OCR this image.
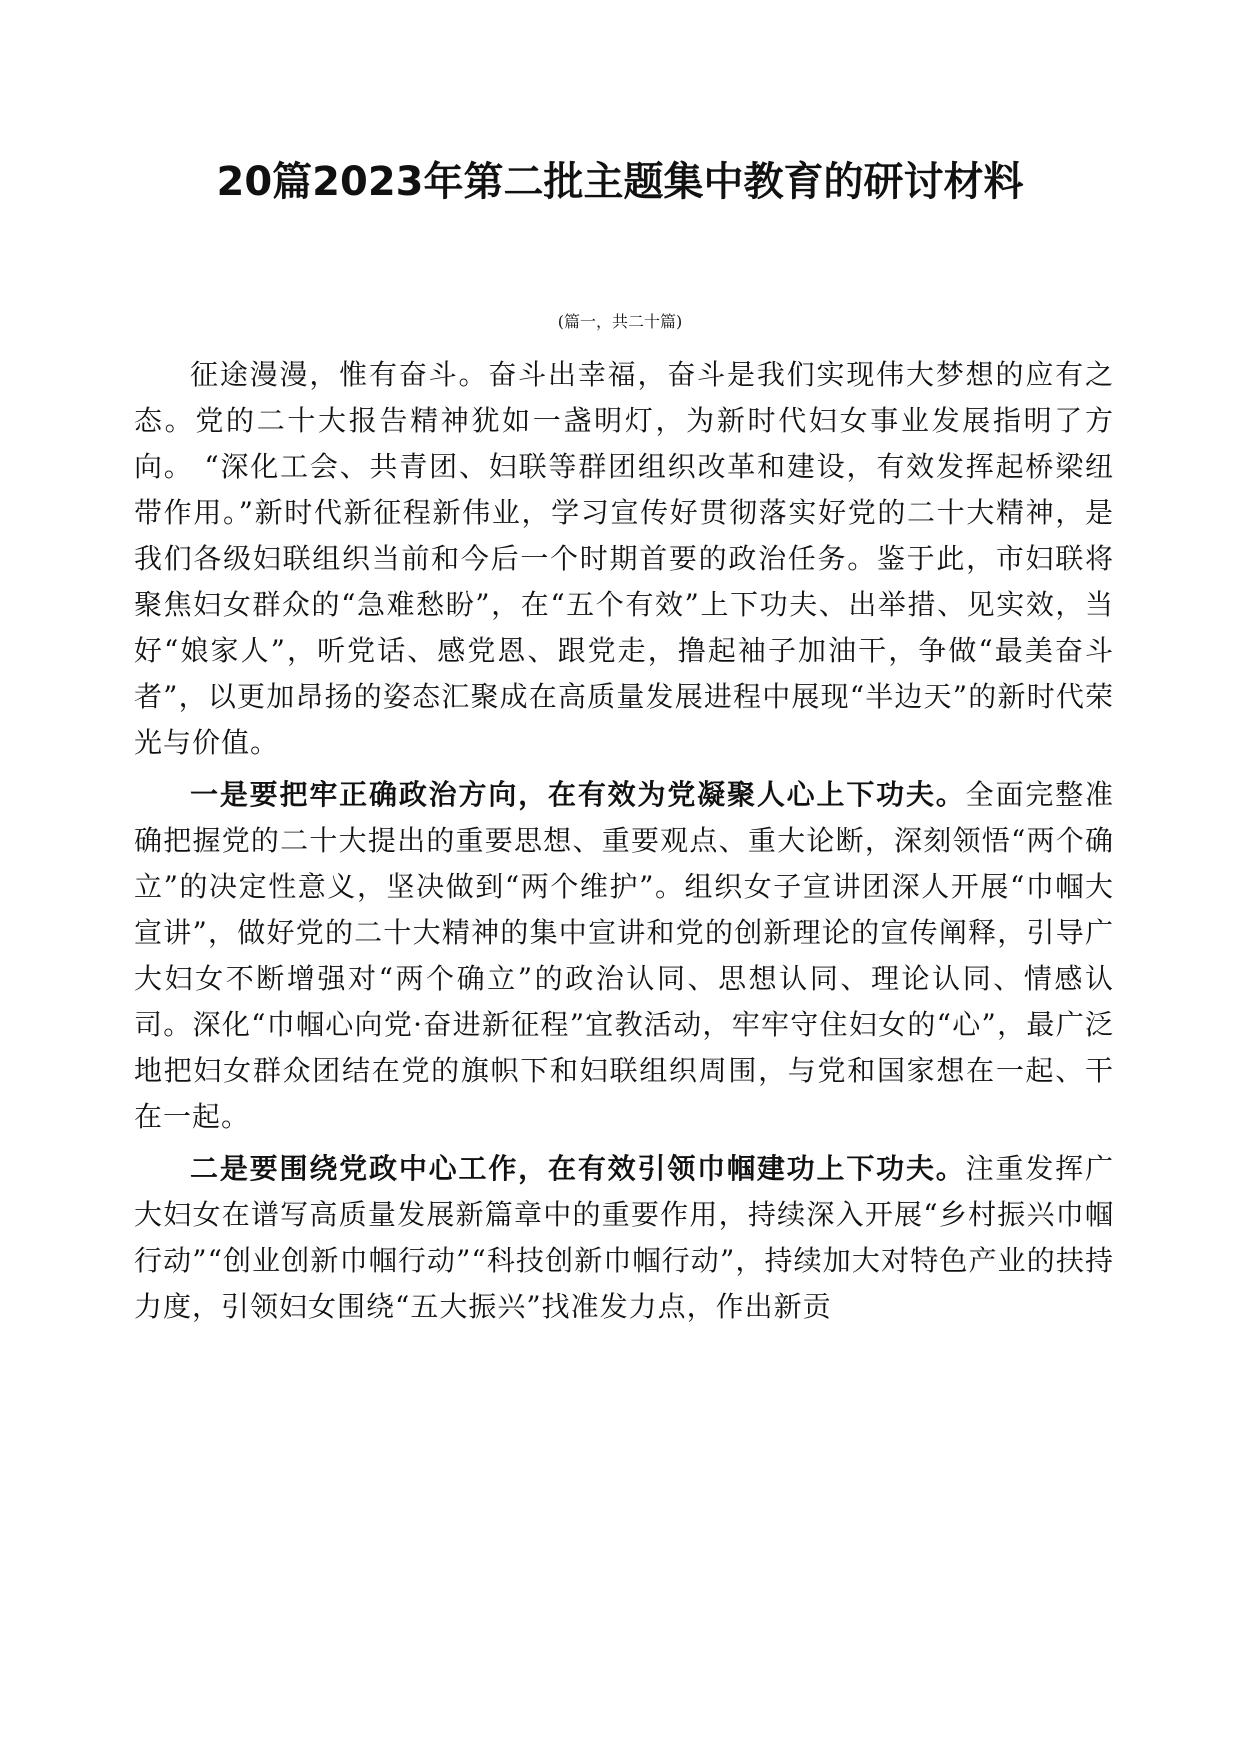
20篇2023年第二批主题集中教育的研讨材料
(篇一，共二十篇)

征途漫漫，惟有奋斗。奋斗出幸福，奋斗是我们实现伟大梦想的应有之态。党的二十大报告精神犹如一盏明灯，为新时代妇女事业发展指明了方向。 “深化工会、共青团、妇联等群团组织改革和建设，有效发挥起桥梁纽带作用。”新时代新征程新伟业，学习宣传好贯彻落实好党的二十大精神，是我们各级妇联组织当前和今后一个时期首要的政治任务。鉴于此，市妇联将聚焦妇女群众的“急难愁盼”，在“五个有效”上下功夫、出举措、见实效，当好“娘家人”，听党话、感党恩、跟党走，撸起袖子加油干，争做“最美奋斗者”，以更加昂扬的姿态汇聚成在高质量发展进程中展现“半边天”的新时代荣光与价值。

一是要把牢正确政治方向，在有效为党凝聚人心上下功夫。全面完整准确把握党的二十大提出的重要思想、重要观点、重大论断，深刻领悟“两个确立”的决定性意义，坚决做到“两个维护”。组织女子宣讲团深人开展“巾帼大宣讲”，做好党的二十大精神的集中宣讲和党的创新理论的宣传阐释，引导广大妇女不断增强对“两个确立”的政治认同、思想认同、理论认同、情感认司。深化“巾帼心向党·奋进新征程”宜教活动，牢牢守住妇女的“心”，最广泛地把妇女群众团结在党的旗帜下和妇联组织周围，与党和国家想在一起、干在一起。

二是要围绕党政中心工作，在有效引领巾帼建功上下功夫。注重发挥广大妇女在谱写高质量发展新篇章中的重要作用，持续深入开展“乡村振兴巾帼行动”“创业创新巾帼行动”“科技创新巾帼行动”，持续加大对特色产业的扶持力度，引领妇女围绕“五大振兴”找准发力点，作出新贡
